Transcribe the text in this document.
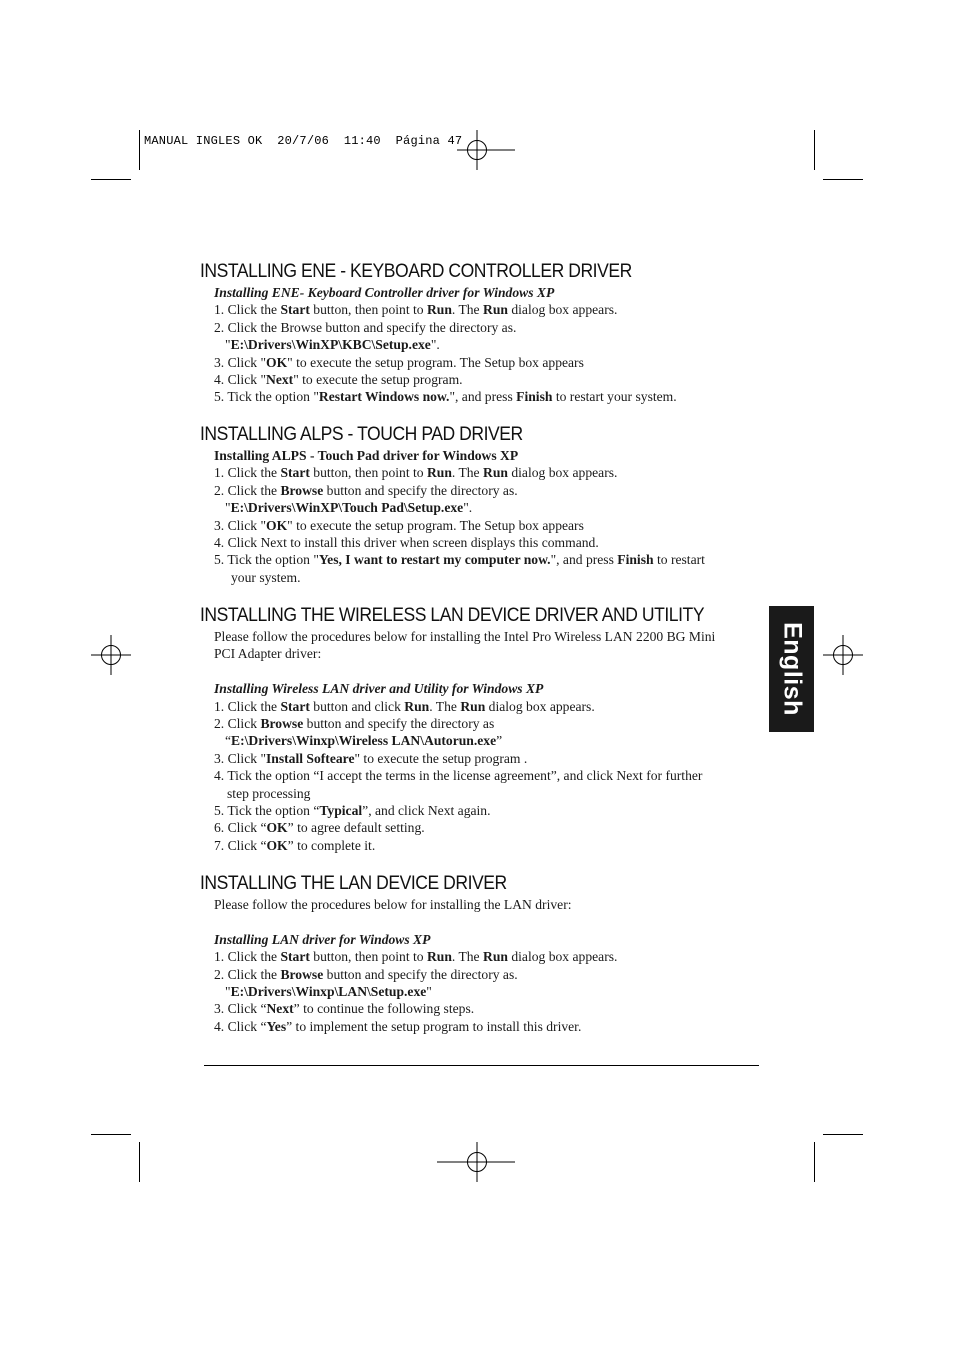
MANUAL INGLES OK  20/7/06  11:40  Página 47
English
INSTALLING ENE - KEYBOARD CONTROLLER DRIVER

Installing ENE- Keyboard Controller driver for Windows XP

1. Click the Start button, then point to Run. The Run dialog box appears.

2. Click the Browse button and specify the directory as.

"E:\Drivers\WinXP\KBC\Setup.exe".

3. Click "OK" to execute the setup program. The Setup box appears

4. Click "Next" to execute the setup program.

5. Tick the option "Restart Windows now.", and press Finish to restart your system.

INSTALLING ALPS - TOUCH PAD DRIVER

Installing ALPS - Touch Pad driver for Windows XP

1. Click the Start button, then point to Run. The Run dialog box appears.

2. Click the Browse button and specify the directory as.

"E:\Drivers\WinXP\Touch Pad\Setup.exe".

3. Click "OK" to execute the setup program. The Setup box appears

4. Click Next to install this driver when screen displays this command.

5. Tick the option "Yes, I want to restart my computer now.", and press Finish to restart

your system.

INSTALLING THE WIRELESS LAN DEVICE DRIVER AND UTILITY

Please follow the procedures below for installing the Intel Pro Wireless LAN 2200 BG Mini

PCI Adapter driver:

Installing Wireless LAN driver and Utility for Windows XP

1. Click the Start button and click Run. The Run dialog box appears.

2. Click Browse button and specify the directory as

“E:\Drivers\Winxp\Wireless LAN\Autorun.exe”

3. Click "Install Softeare" to execute the setup program .

4. Tick the option “I accept the terms in the license agreement”, and click Next for further

step processing

5. Tick the option “Typical”, and click Next again.

6. Click “OK” to agree default setting.

7. Click “OK” to complete it.

INSTALLING THE LAN DEVICE DRIVER

Please follow the procedures below for installing the LAN driver:

Installing LAN driver for Windows XP

1. Click the Start button, then point to Run. The Run dialog box appears.

2. Click the Browse button and specify the directory as.

"E:\Drivers\Winxp\LAN\Setup.exe"

3. Click “Next” to continue the following steps.

4. Click “Yes” to implement the setup program to install this driver.
